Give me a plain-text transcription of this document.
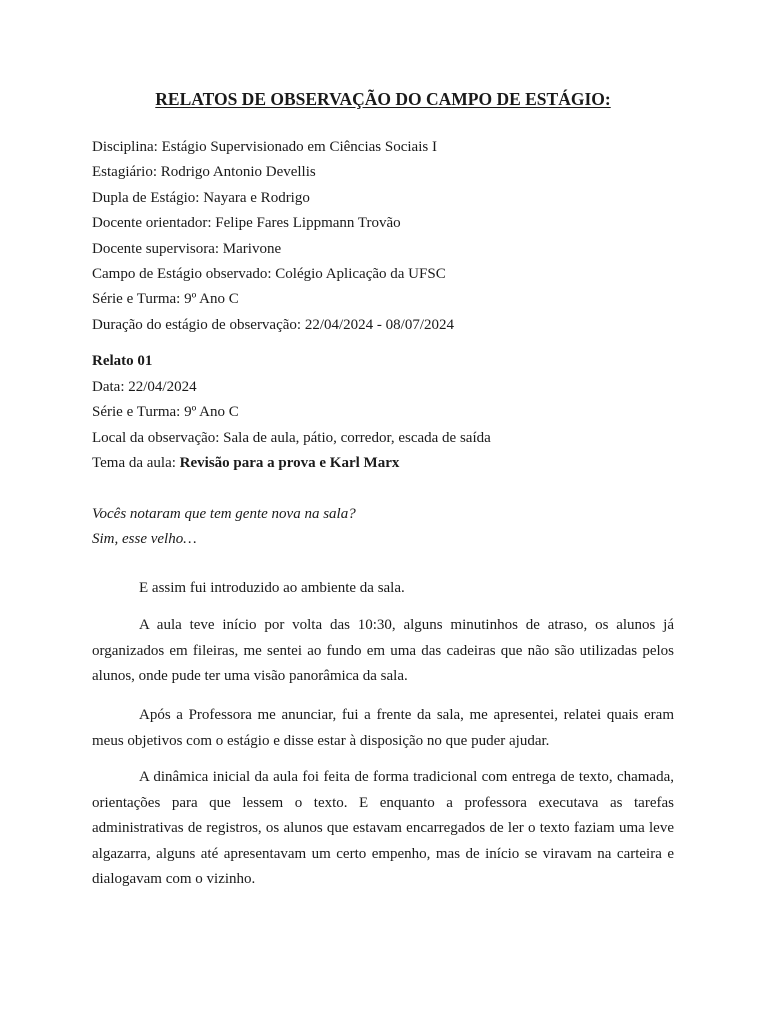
RELATOS DE OBSERVAÇÃO DO CAMPO DE ESTÁGIO:
Disciplina: Estágio Supervisionado em Ciências Sociais I
Estagiário: Rodrigo Antonio Devellis
Dupla de Estágio: Nayara e Rodrigo
Docente orientador: Felipe Fares Lippmann Trovão
Docente supervisora: Marivone
Campo de Estágio observado: Colégio Aplicação da UFSC
Série e Turma: 9º Ano C
Duração do estágio de observação: 22/04/2024 - 08/07/2024
Relato 01
Data: 22/04/2024
Série e Turma: 9º Ano C
Local da observação: Sala de aula, pátio, corredor, escada de saída
Tema da aula: Revisão para a prova e Karl Marx
Vocês notaram que tem gente nova na sala?
Sim, esse velho…
E assim fui introduzido ao ambiente da sala.
A aula teve início por volta das 10:30, alguns minutinhos de atraso, os alunos já organizados em fileiras, me sentei ao fundo em uma das cadeiras que não são utilizadas pelos alunos, onde pude ter uma visão panorâmica da sala.
Após a Professora me anunciar, fui a frente da sala, me apresentei, relatei quais eram meus objetivos com o estágio e disse estar à disposição no que puder ajudar.
A dinâmica inicial da aula foi feita de forma tradicional com entrega de texto, chamada, orientações para que lessem o texto. E enquanto a professora executava as tarefas administrativas de registros, os alunos que estavam encarregados de ler o texto faziam uma leve algazarra, alguns até apresentavam um certo empenho, mas de início se viravam na carteira e dialogavam com o vizinho.
